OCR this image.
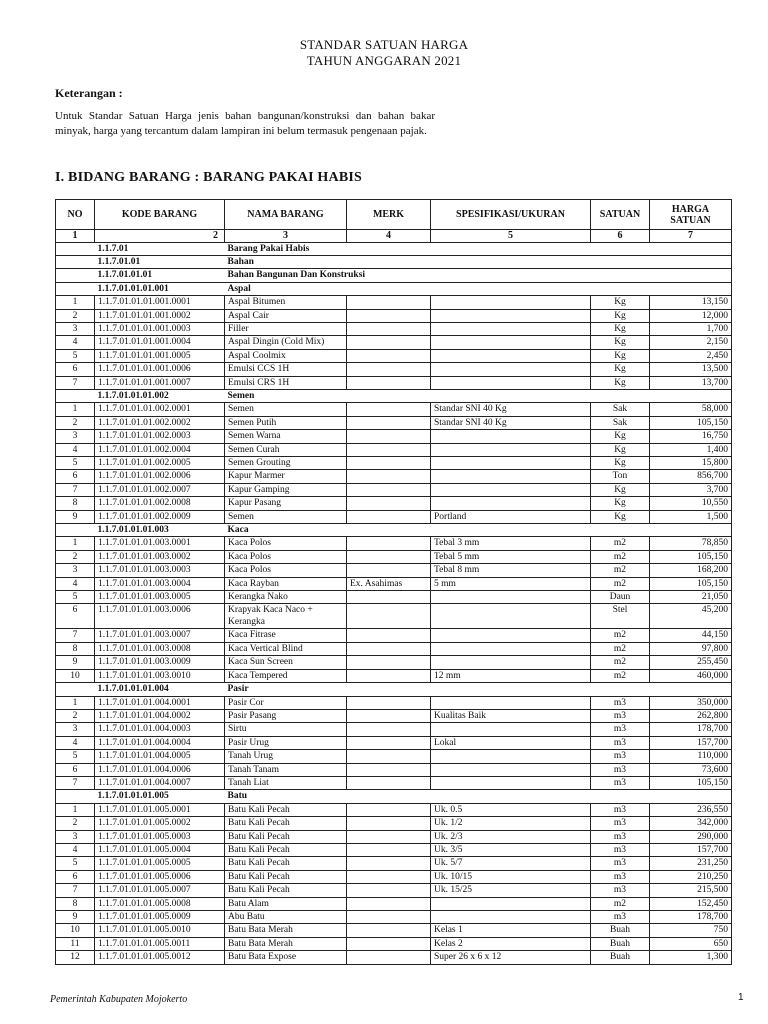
STANDAR SATUAN HARGA
TAHUN ANGGARAN 2021
Keterangan :
Untuk Standar Satuan Harga jenis bahan bangunan/konstruksi dan bahan bakar minyak, harga yang tercantum dalam lampiran ini belum termasuk pengenaan pajak.
I. BIDANG BARANG : BARANG PAKAI HABIS
NO	KODE BARANG	NAMA BARANG	MERK	SPESIFIKASI/UKURAN	SATUAN	HARGA SATUAN
1	2	3	4	5	6	7
	1.1.7.01	Barang Pakai Habis				
	1.1.7.01.01	Bahan				
	1.1.7.01.01.01	Bahan Bangunan Dan Konstruksi				
	1.1.7.01.01.01.001	Aspal				
1	1.1.7.01.01.01.001.0001	Aspal Bitumen			Kg	13,150
2	1.1.7.01.01.01.001.0002	Aspal Cair			Kg	12,000
3	1.1.7.01.01.01.001.0003	Filler			Kg	1,700
4	1.1.7.01.01.01.001.0004	Aspal Dingin (Cold Mix)			Kg	2,150
5	1.1.7.01.01.01.001.0005	Aspal Coolmix			Kg	2,450
6	1.1.7.01.01.01.001.0006	Emulsi CCS 1H			Kg	13,500
7	1.1.7.01.01.01.001.0007	Emulsi CRS 1H			Kg	13,700
	1.1.7.01.01.01.002	Semen				
1	1.1.7.01.01.01.002.0001	Semen		Standar SNI 40 Kg	Sak	58,000
2	1.1.7.01.01.01.002.0002	Semen Putih		Standar SNI 40 Kg	Sak	105,150
3	1.1.7.01.01.01.002.0003	Semen Warna			Kg	16,750
4	1.1.7.01.01.01.002.0004	Semen Curah			Kg	1,400
5	1.1.7.01.01.01.002.0005	Semen Grouting			Kg	15,800
6	1.1.7.01.01.01.002.0006	Kapur Marmer			Ton	856,700
7	1.1.7.01.01.01.002.0007	Kapur Gamping			Kg	3,700
8	1.1.7.01.01.01.002.0008	Kapur Pasang			Kg	10,550
9	1.1.7.01.01.01.002.0009	Semen		Portland	Kg	1,500
	1.1.7.01.01.01.003	Kaca				
1	1.1.7.01.01.01.003.0001	Kaca Polos		Tebal 3 mm	m2	78,850
2	1.1.7.01.01.01.003.0002	Kaca Polos		Tebal 5 mm	m2	105,150
3	1.1.7.01.01.01.003.0003	Kaca Polos		Tebal 8 mm	m2	168,200
4	1.1.7.01.01.01.003.0004	Kaca Rayban	Ex. Asahimas	5 mm	m2	105,150
5	1.1.7.01.01.01.003.0005	Kerangka Nako			Daun	21,050
6	1.1.7.01.01.01.003.0006	Krapyak Kaca Naco + Kerangka			Stel	45,200
7	1.1.7.01.01.01.003.0007	Kaca Fitrase			m2	44,150
8	1.1.7.01.01.01.003.0008	Kaca Vertical Blind			m2	97,800
9	1.1.7.01.01.01.003.0009	Kaca Sun Screen			m2	255,450
10	1.1.7.01.01.01.003.0010	Kaca Tempered		12 mm	m2	460,000
	1.1.7.01.01.01.004	Pasir				
1	1.1.7.01.01.01.004.0001	Pasir Cor			m3	350,000
2	1.1.7.01.01.01.004.0002	Pasir Pasang		Kualitas Baik	m3	262,800
3	1.1.7.01.01.01.004.0003	Sirtu			m3	178,700
4	1.1.7.01.01.01.004.0004	Pasir Urug		Lokal	m3	157,700
5	1.1.7.01.01.01.004.0005	Tanah Urug			m3	110,000
6	1.1.7.01.01.01.004.0006	Tanah Tanam			m3	73,600
7	1.1.7.01.01.01.004.0007	Tanah Liat			m3	105,150
	1.1.7.01.01.01.005	Batu				
1	1.1.7.01.01.01.005.0001	Batu Kali Pecah		Uk. 0.5	m3	236,550
2	1.1.7.01.01.01.005.0002	Batu Kali Pecah		Uk. 1/2	m3	342,000
3	1.1.7.01.01.01.005.0003	Batu Kali Pecah		Uk. 2/3	m3	290,000
4	1.1.7.01.01.01.005.0004	Batu Kali Pecah		Uk. 3/5	m3	157,700
5	1.1.7.01.01.01.005.0005	Batu Kali Pecah		Uk. 5/7	m3	231,250
6	1.1.7.01.01.01.005.0006	Batu Kali Pecah		Uk. 10/15	m3	210,250
7	1.1.7.01.01.01.005.0007	Batu Kali Pecah		Uk. 15/25	m3	215,500
8	1.1.7.01.01.01.005.0008	Batu Alam			m2	152,450
9	1.1.7.01.01.01.005.0009	Abu Batu			m3	178,700
10	1.1.7.01.01.01.005.0010	Batu Bata Merah		Kelas 1	Buah	750
11	1.1.7.01.01.01.005.0011	Batu Bata Merah		Kelas 2	Buah	650
12	1.1.7.01.01.01.005.0012	Batu Bata Expose		Super 26 x 6 x 12	Buah	1,300
Pemerintah Kabupaten Mojokerto	1
